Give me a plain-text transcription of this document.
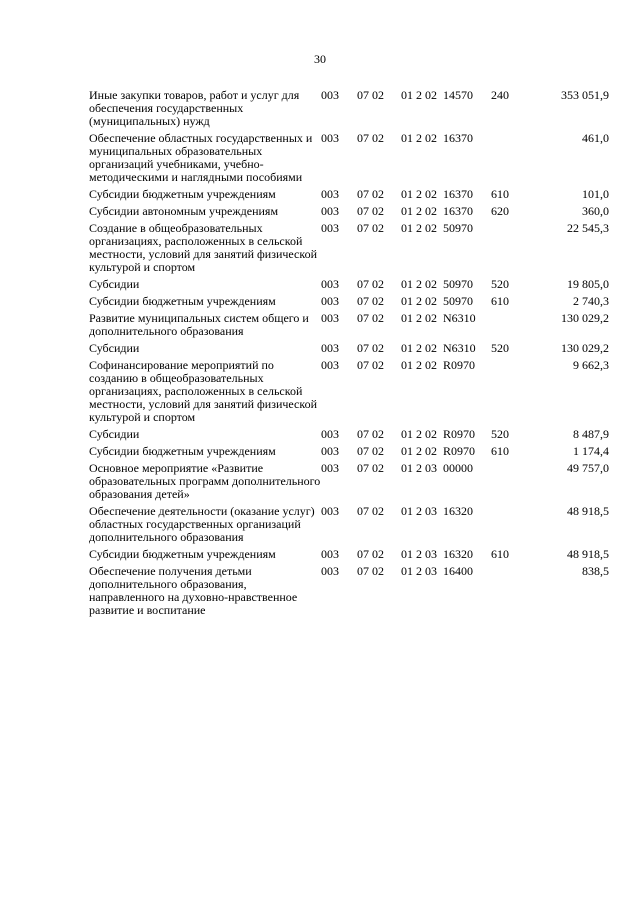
30
Иные закупки товаров, работ и услуг для обеспечения государственных (муниципальных) нужд	003	07 02	01 2 02	14570	240	353 051,9
Обеспечение областных государственных и муниципальных образовательных организаций учебниками, учебно-методическими и наглядными пособиями	003	07 02	01 2 02	16370		461,0
Субсидии бюджетным учреждениям	003	07 02	01 2 02	16370	610	101,0
Субсидии автономным учреждениям	003	07 02	01 2 02	16370	620	360,0
Создание в общеобразовательных организациях, расположенных в сельской местности, условий для занятий физической культурой и спортом	003	07 02	01 2 02	50970		22 545,3
Субсидии	003	07 02	01 2 02	50970	520	19 805,0
Субсидии бюджетным учреждениям	003	07 02	01 2 02	50970	610	2 740,3
Развитие муниципальных систем общего и дополнительного образования	003	07 02	01 2 02	N6310		130 029,2
Субсидии	003	07 02	01 2 02	N6310	520	130 029,2
Софинансирование мероприятий по созданию в общеобразовательных организациях, расположенных в сельской местности, условий для занятий физической культурой и спортом	003	07 02	01 2 02	R0970		9 662,3
Субсидии	003	07 02	01 2 02	R0970	520	8 487,9
Субсидии бюджетным учреждениям	003	07 02	01 2 02	R0970	610	1 174,4
Основное мероприятие «Развитие образовательных программ дополнительного образования детей»	003	07 02	01 2 03	00000		49 757,0
Обеспечение деятельности (оказание услуг) областных государственных организаций дополнительного образования	003	07 02	01 2 03	16320		48 918,5
Субсидии бюджетным учреждениям	003	07 02	01 2 03	16320	610	48 918,5
Обеспечение получения детьми дополнительного образования, направленного на духовно-нравственное развитие и воспитание	003	07 02	01 2 03	16400		838,5
